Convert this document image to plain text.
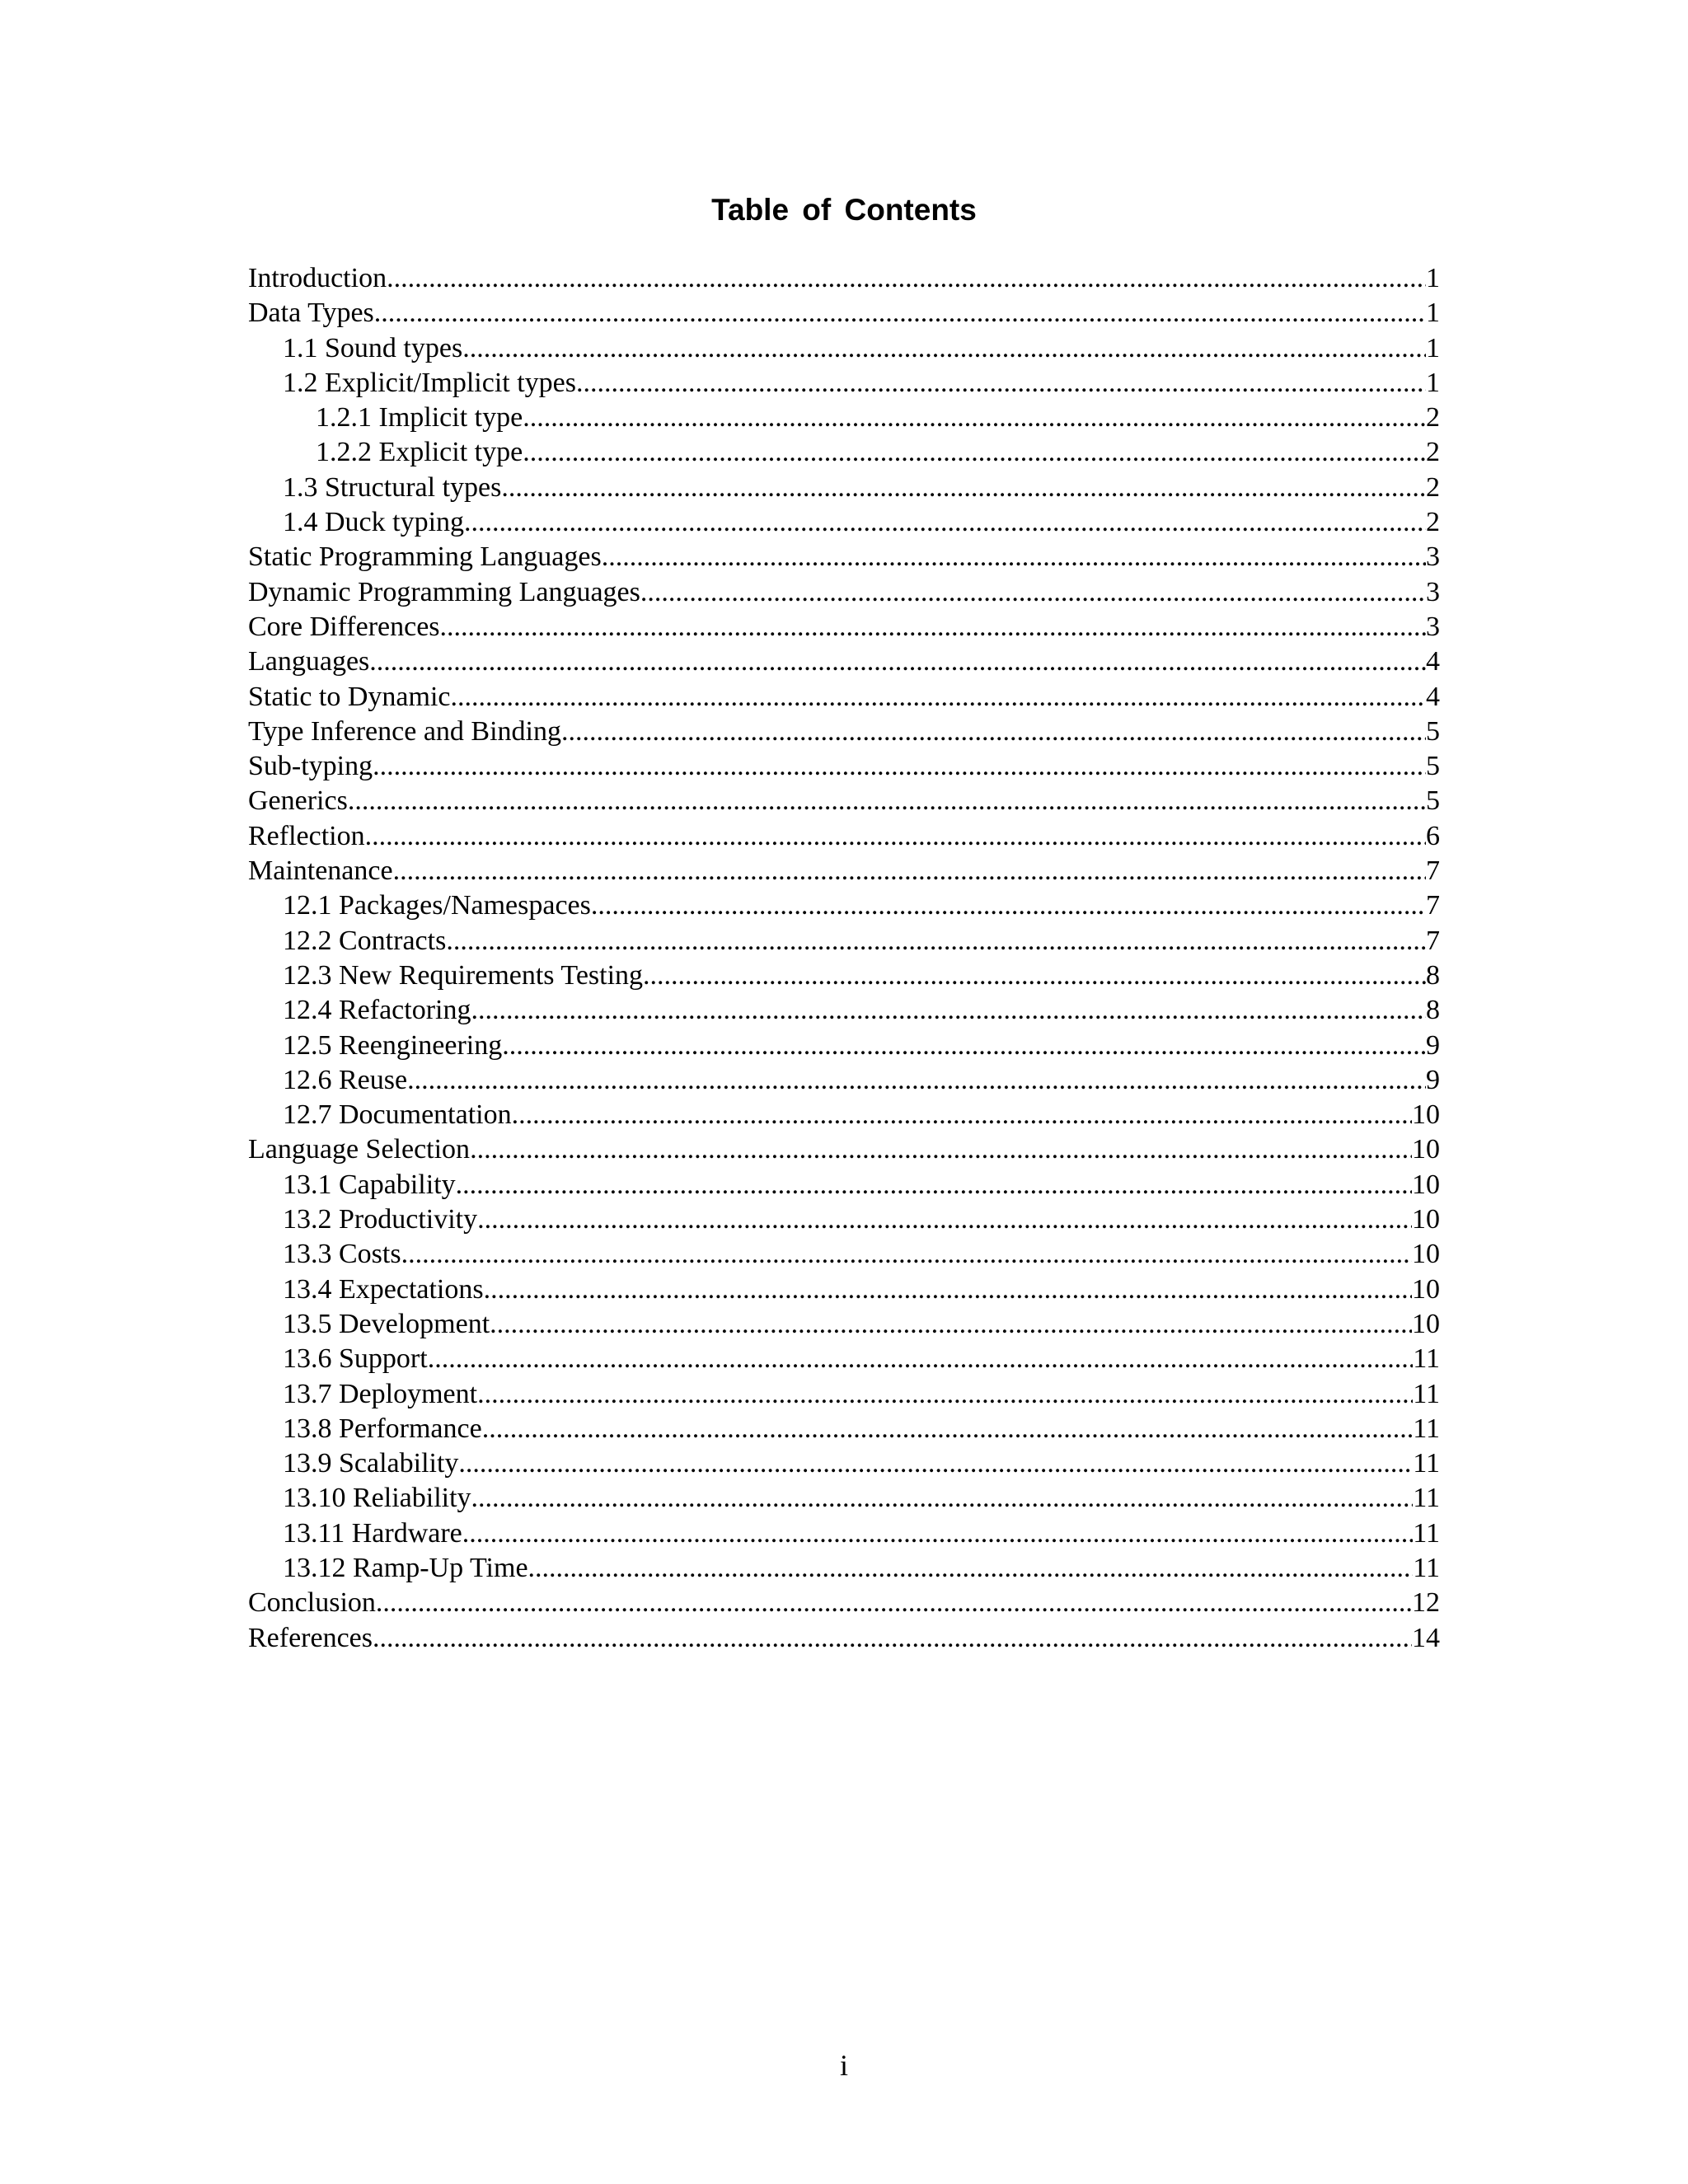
Table of Contents
Introduction .....	1
Data Types .....	1
1.1 Sound types .....	1
1.2 Explicit/Implicit types .....	1
1.2.1 Implicit type .....	2
1.2.2 Explicit type .....	2
1.3 Structural types .....	2
1.4 Duck typing .....	2
Static Programming Languages .....	3
Dynamic Programming Languages .....	3
Core Differences .....	3
Languages .....	4
Static to Dynamic .....	4
Type Inference and Binding .....	5
Sub-typing .....	5
Generics .....	5
Reflection .....	6
Maintenance .....	7
12.1 Packages/Namespaces .....	7
12.2 Contracts .....	7
12.3 New Requirements Testing .....	8
12.4 Refactoring .....	8
12.5 Reengineering .....	9
12.6 Reuse .....	9
12.7 Documentation .....	10
Language Selection .....	10
13.1 Capability .....	10
13.2 Productivity .....	10
13.3 Costs .....	10
13.4 Expectations .....	10
13.5 Development .....	10
13.6 Support .....	11
13.7 Deployment .....	11
13.8 Performance .....	11
13.9 Scalability .....	11
13.10 Reliability .....	11
13.11 Hardware .....	11
13.12 Ramp-Up Time .....	11
Conclusion .....	12
References .....	14
i
